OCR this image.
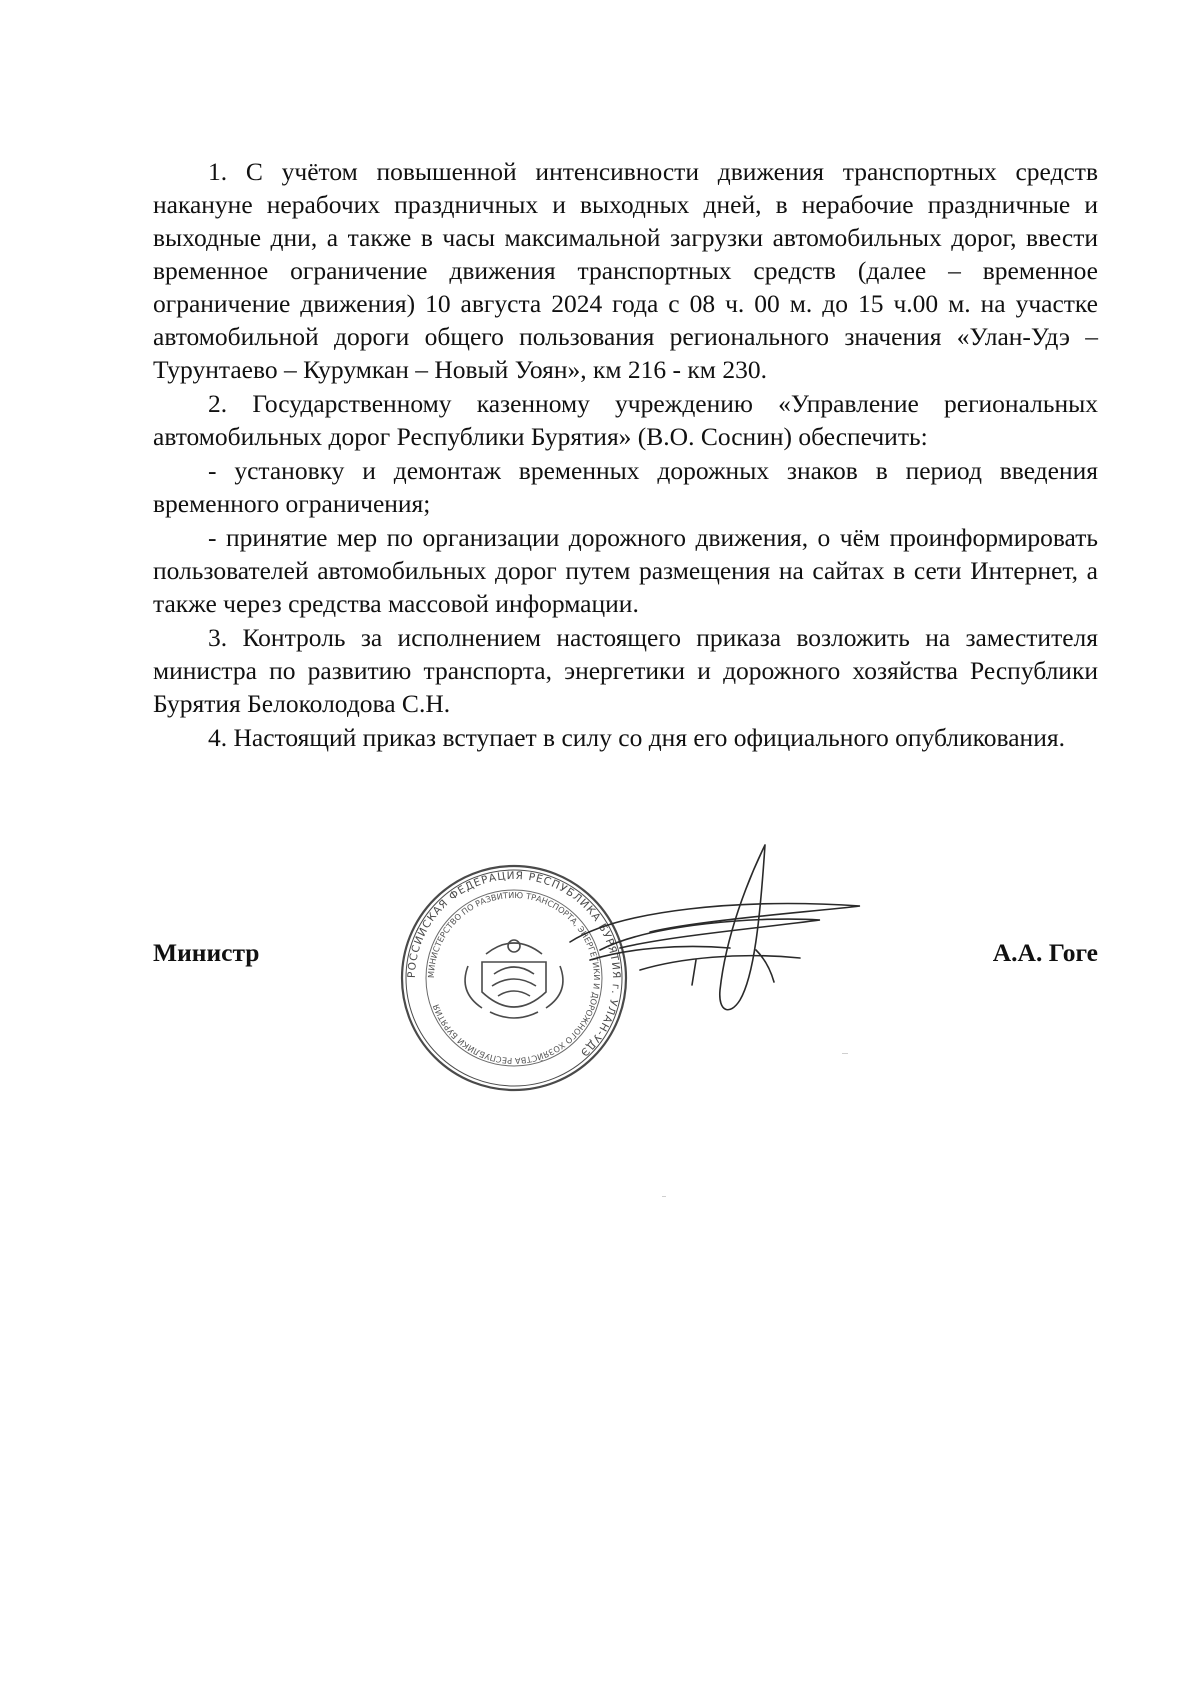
1. С учётом повышенной интенсивности движения транспортных средств накануне нерабочих праздничных и выходных дней, в нерабочие праздничные и выходные дни, а также в часы максимальной загрузки автомобильных дорог, ввести временное ограничение движения транспортных средств (далее – временное ограничение движения) 10 августа 2024 года с 08 ч. 00 м. до 15 ч.00 м. на участке автомобильной дороги общего пользования регионального значения «Улан-Удэ – Турунтаево – Курумкан – Новый Уоян», км 216 - км 230.

2. Государственному казенному учреждению «Управление региональных автомобильных дорог Республики Бурятия» (В.О. Соснин) обеспечить:

- установку и демонтаж временных дорожных знаков в период введения временного ограничения;

- принятие мер по организации дорожного движения, о чём проинформировать пользователей автомобильных дорог путем размещения на сайтах в сети Интернет, а также через средства массовой информации.

3. Контроль за исполнением настоящего приказа возложить на заместителя министра по развитию транспорта, энергетики и дорожного хозяйства Республики Бурятия Белоколодова С.Н.

4. Настоящий приказ вступает в силу со дня его официального опубликования.

РОССИЙСКАЯ ФЕДЕРАЦИЯ РЕСПУБЛИКА БУРЯТИЯ г. УЛАН-УДЭ
МИНИСТЕРСТВО ПО РАЗВИТИЮ ТРАНСПОРТА, ЭНЕРГЕТИКИ И ДОРОЖНОГО ХОЗЯЙСТВА РЕСПУБЛИКИ БУРЯТИЯ
Министр	А.А. Гоге
